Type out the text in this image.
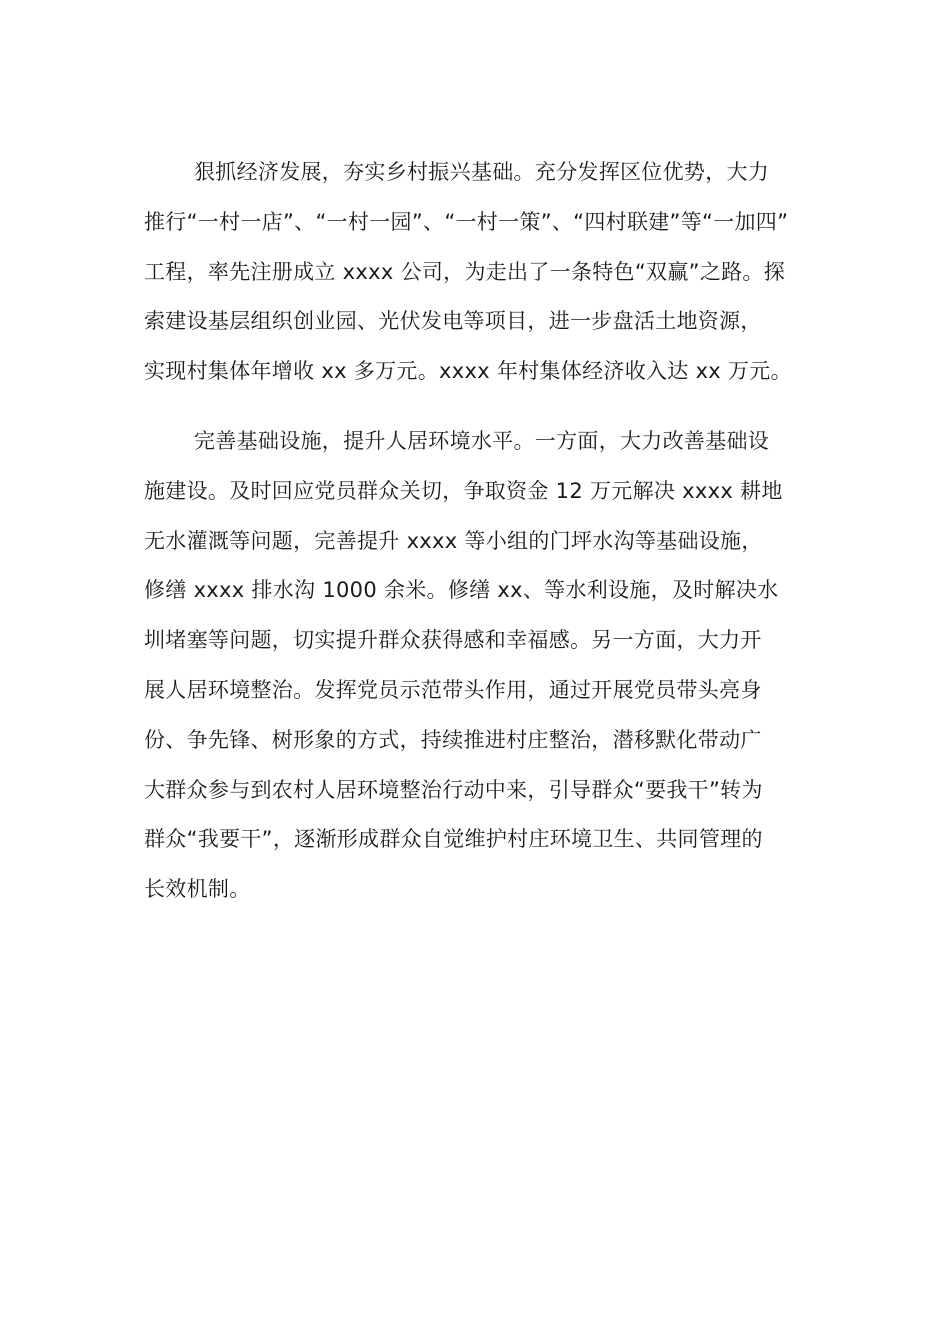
狠抓经济发展，夯实乡村振兴基础。充分发挥区位优势，大力
推行“一村一店”、“一村一园”、“一村一策”、“四村联建”等“一加四”
工程，率先注册成立 xxxx 公司，为走出了一条特色“双赢”之路。探
索建设基层组织创业园、光伏发电等项目，进一步盘活土地资源，
实现村集体年增收 xx 多万元。xxxx 年村集体经济收入达 xx 万元。

完善基础设施，提升人居环境水平。一方面，大力改善基础设
施建设。及时回应党员群众关切，争取资金 12 万元解决 xxxx 耕地
无水灌溉等问题，完善提升 xxxx 等小组的门坪水沟等基础设施，
修缮 xxxx 排水沟 1000 余米。修缮 xx、等水利设施，及时解决水
圳堵塞等问题，切实提升群众获得感和幸福感。另一方面，大力开
展人居环境整治。发挥党员示范带头作用，通过开展党员带头亮身
份、争先锋、树形象的方式，持续推进村庄整治，潜移默化带动广
大群众参与到农村人居环境整治行动中来，引导群众“要我干”转为
群众“我要干”，逐渐形成群众自觉维护村庄环境卫生、共同管理的
长效机制。
